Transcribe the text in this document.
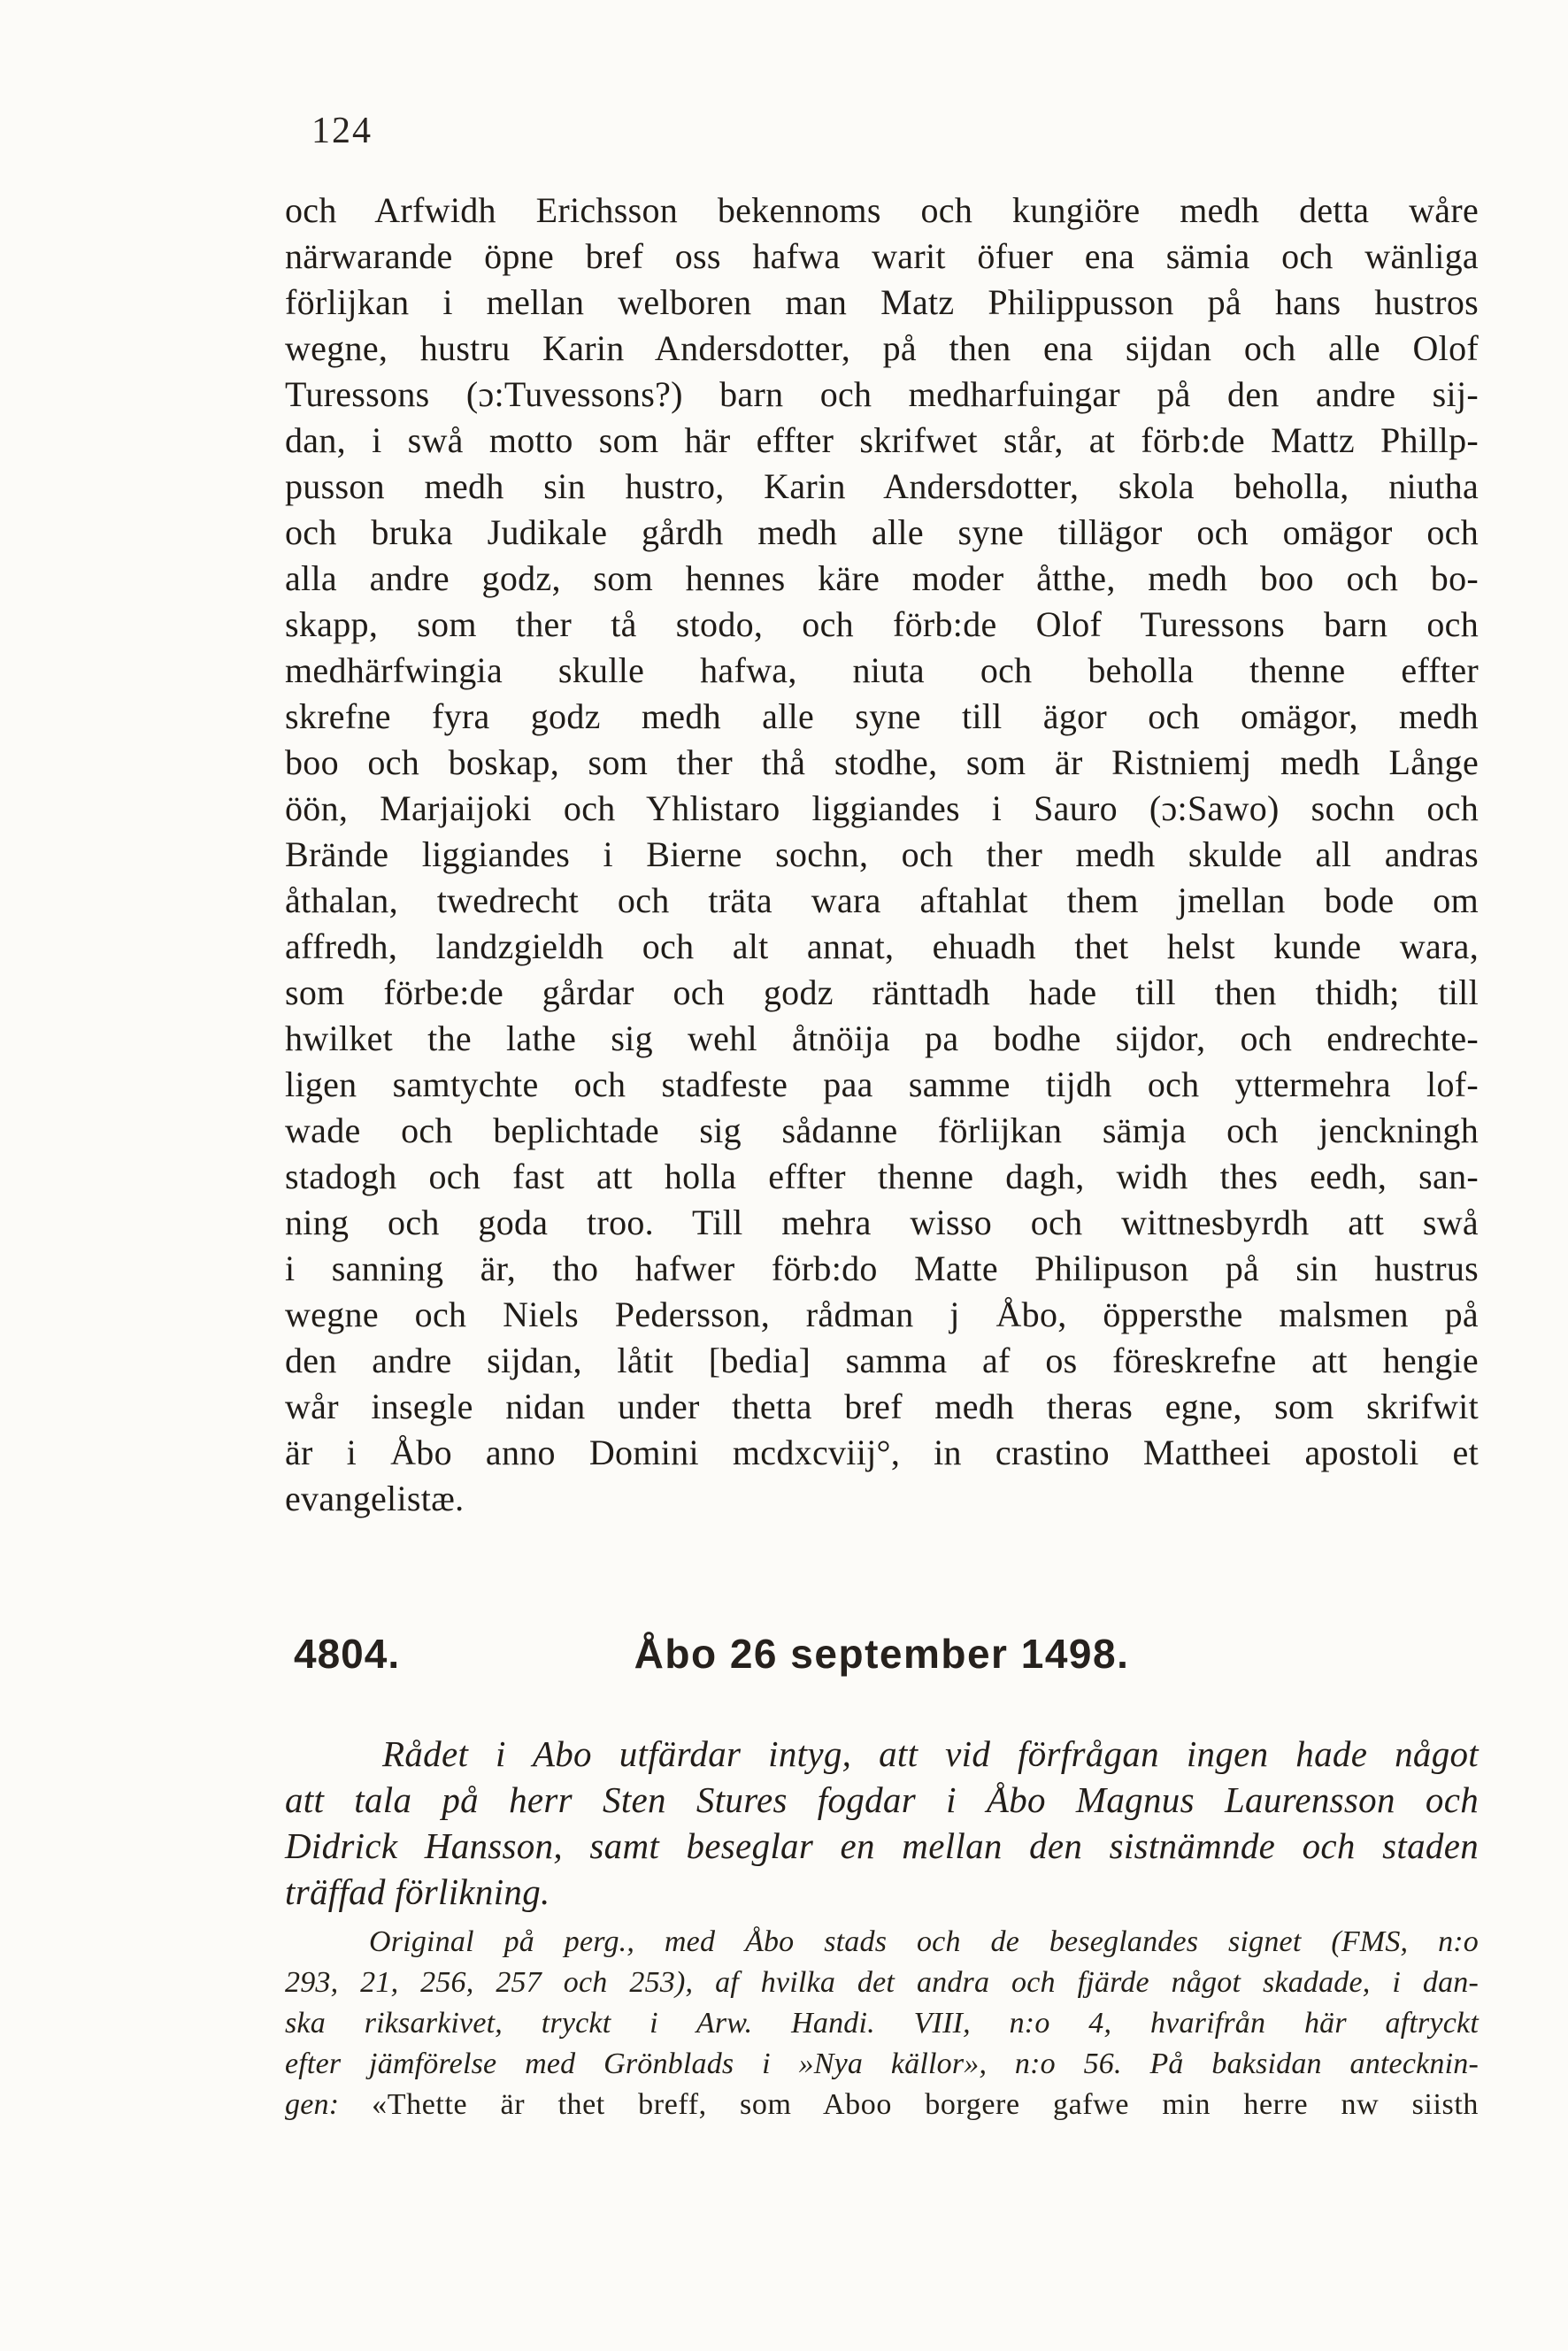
124
och Arfwidh Erichsson bekennoms och kungiöre medh detta wåre
närwarande öpne bref oss hafwa warit öfuer ena sämia och wänliga
förlijkan i mellan welboren man Matz Philippusson på hans hustros
wegne, hustru Karin Andersdotter, på then ena sijdan och alle Olof
Turessons (ɔ:Tuvessons?) barn och medharfuingar på den andre sij-
dan, i swå motto som här effter skrifwet står, at förb:de Mattz Phillp-
pusson medh sin hustro, Karin Andersdotter, skola beholla, niutha
och bruka Judikale gårdh medh alle syne tillägor och omägor och
alla andre godz, som hennes käre moder åtthe, medh boo och bo-
skapp, som ther tå stodo, och förb:de Olof Turessons barn och
medhärfwingia skulle hafwa, niuta och beholla thenne effter
skrefne fyra godz medh alle syne till ägor och omägor, medh
boo och boskap, som ther thå stodhe, som är Ristniemj medh Långe
öön, Marjaijoki och Yhlistaro liggiandes i Sauro (ɔ:Sawo) sochn och
Brände liggiandes i Bierne sochn, och ther medh skulde all andras
åthalan, twedrecht och träta wara aftahlat them jmellan bode om
affredh, landzgieldh och alt annat, ehuadh thet helst kunde wara,
som förbe:de gårdar och godz ränttadh hade till then thidh; till
hwilket the lathe sig wehl åtnöija pa bodhe sijdor, och endrechte-
ligen samtychte och stadfeste paa samme tijdh och yttermehra lof-
wade och beplichtade sig sådanne förlijkan sämja och jenckningh
stadogh och fast att holla effter thenne dagh, widh thes eedh, san-
ning och goda troo. Till mehra wisso och wittnesbyrdh att swå
i sanning är, tho hafwer förb:do Matte Philipuson på sin hustrus
wegne och Niels Pedersson, rådman j Åbo, öppersthe malsmen på
den andre sijdan, låtit [bedia] samma af os föreskrefne att hengie
wår insegle nidan under thetta bref medh theras egne, som skrifwit
är i Åbo anno Domini mcdxcviij°, in crastino Mattheei apostoli et
evangelistæ.
4804.	Åbo 26 september 1498.
Rådet i Abo utfärdar intyg, att vid förfrågan ingen hade något
att tala på herr Sten Stures fogdar i Åbo Magnus Laurensson och
Didrick Hansson, samt beseglar en mellan den sistnämnde och staden
träffad förlikning.
Original på perg., med Åbo stads och de beseglandes signet (FMS, n:o
293, 21, 256, 257 och 253), af hvilka det andra och fjärde något skadade, i dan-
ska riksarkivet, tryckt i Arw. Handi. VIII, n:o 4, hvarifrån här aftryckt
efter jämförelse med Grönblads i »Nya källor», n:o 56. På baksidan antecknin-
gen: «Thette är thet breff, som Aboo borgere gafwe min herre nw siisth
